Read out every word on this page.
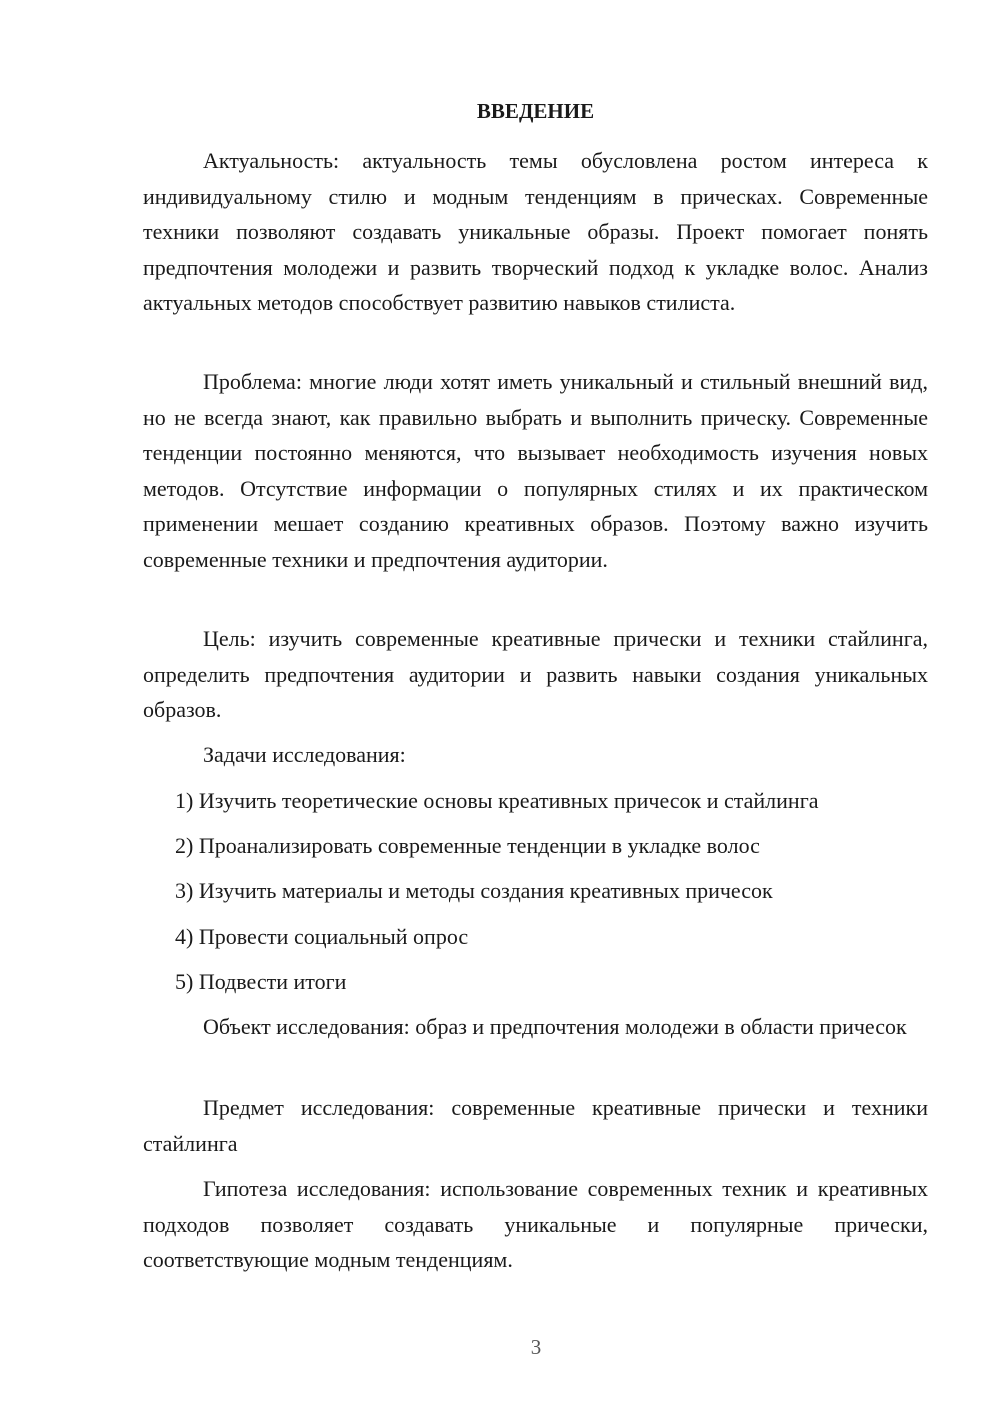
ВВЕДЕНИЕ

Актуальность: актуальность темы обусловлена ростом интереса к индивидуальному стилю и модным тенденциям в прическах. Современные техники позволяют создавать уникальные образы. Проект помогает понять предпочтения молодежи и развить творческий подход к укладке волос. Анализ актуальных методов способствует развитию навыков стилиста.

Проблема: многие люди хотят иметь уникальный и стильный внешний вид, но не всегда знают, как правильно выбрать и выполнить прическу. Современные тенденции постоянно меняются, что вызывает необходимость изучения новых методов. Отсутствие информации о популярных стилях и их практическом применении мешает созданию креативных образов. Поэтому важно изучить современные техники и предпочтения аудитории.

Цель: изучить современные креативные прически и техники стайлинга, определить предпочтения аудитории и развить навыки создания уникальных образов.

Задачи исследования:

1) Изучить теоретические основы креативных причесок и стайлинга

2) Проанализировать современные тенденции в укладке волос

3) Изучить материалы и методы создания креативных причесок

4) Провести социальный опрос

5) Подвести итоги

Объект исследования: образ и предпочтения молодежи в области причесок

Предмет исследования: современные креативные прически и техники стайлинга

Гипотеза исследования: использование современных техник и креативных подходов позволяет создавать уникальные и популярные прически, соответствующие модным тенденциям.

3
